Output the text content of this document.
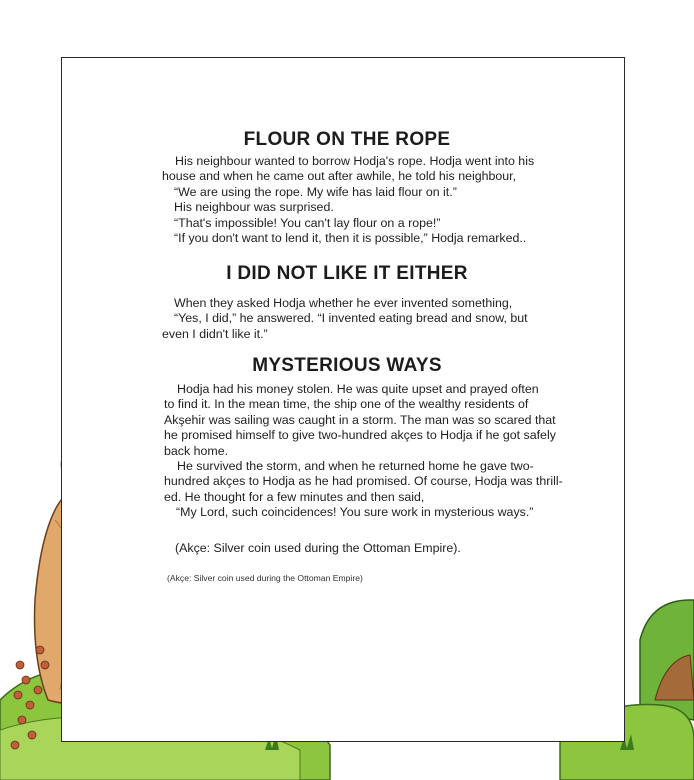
FLOUR ON THE ROPE

His neighbour wanted to borrow Hodja's rope. Hodja went into his

house and when he came out after awhile, he told his neighbour,

“We are using the rope. My wife has laid flour on it.”

His neighbour was surprised.

“That's impossible! You can't lay flour on a rope!”

“If you don't want to lend it, then it is possible,” Hodja remarked..

I DID NOT LIKE IT EITHER

When they asked Hodja whether he ever invented something,

“Yes, I did,” he answered. “I invented eating bread and snow, but

even I didn't like it.”

MYSTERIOUS WAYS

Hodja had his money stolen. He was quite upset and prayed often

to find it. In the mean time, the ship one of the wealthy residents of

Akşehir was sailing was caught in a storm. The man was so scared that

he promised himself to give two-hundred akçes to Hodja if he got safely

back home.

He survived the storm, and when he returned home he gave two-

hundred akçes to Hodja as he had promised. Of course, Hodja was thrill-

ed. He thought for a few minutes and then said,

“My Lord, such coincidences! You sure work in mysterious ways.”

(Akçe: Silver coin used during the Ottoman Empire).

(Akçe: Silver coin used during the Ottoman Empire)
